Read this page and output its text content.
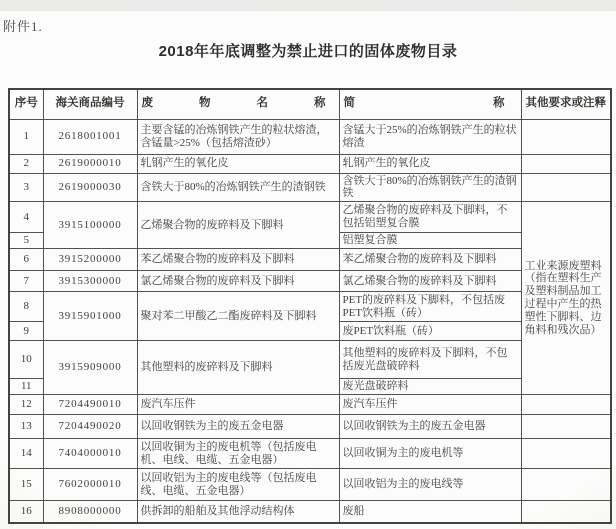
附件1.
2018年年底调整为禁止进口的固体废物目录
序号	海关商品编号	废　　　　物　　　　名　　　　称	简　　　　　　　　　　　　称	其他要求或注释
1	2618001001	主要含锰的冶炼钢铁产生的粒状熔渣，含锰量>25%（包括熔渣砂）	含锰大于25%的冶炼钢铁产生的粒状熔渣	
2	2619000010	轧钢产生的氧化皮	轧钢产生的氧化皮	
3	2619000030	含铁大于80%的冶炼钢铁产生的渣钢铁	含铁大于80%的冶炼钢铁产生的渣钢铁	
4	3915100000	乙烯聚合物的废碎料及下脚料	乙烯聚合物的废碎料及下脚料，不包括铝塑复合膜	工业来源废塑料（指在塑料生产及塑料制品加工过程中产生的热塑性下脚料、边角料和残次品）
5			铝塑复合膜	
6	3915200000	苯乙烯聚合物的废碎料及下脚料	苯乙烯聚合物的废碎料及下脚料	
7	3915300000	氯乙烯聚合物的废碎料及下脚料	氯乙烯聚合物的废碎料及下脚料	
8	3915901000	聚对苯二甲酸乙二酯废碎料及下脚料	PET的废碎料及下脚料，不包括废PET饮料瓶（砖）	
9			废PET饮料瓶（砖）	
10	3915909000	其他塑料的废碎料及下脚料	其他塑料的废碎料及下脚料，不包括废光盘破碎料	
11			废光盘破碎料	
12	7204490010	废汽车压件	废汽车压件	
13	7204490020	以回收钢铁为主的废五金电器	以回收钢铁为主的废五金电器	
14	7404000010	以回收铜为主的废电机等（包括废电机、电线、电缆、五金电器）	以回收铜为主的废电机等	
15	7602000010	以回收铝为主的废电线等（包括废电线、电缆、五金电器）	以回收铝为主的废电线等	
16	8908000000	供拆卸的船舶及其他浮动结构体	废船	
